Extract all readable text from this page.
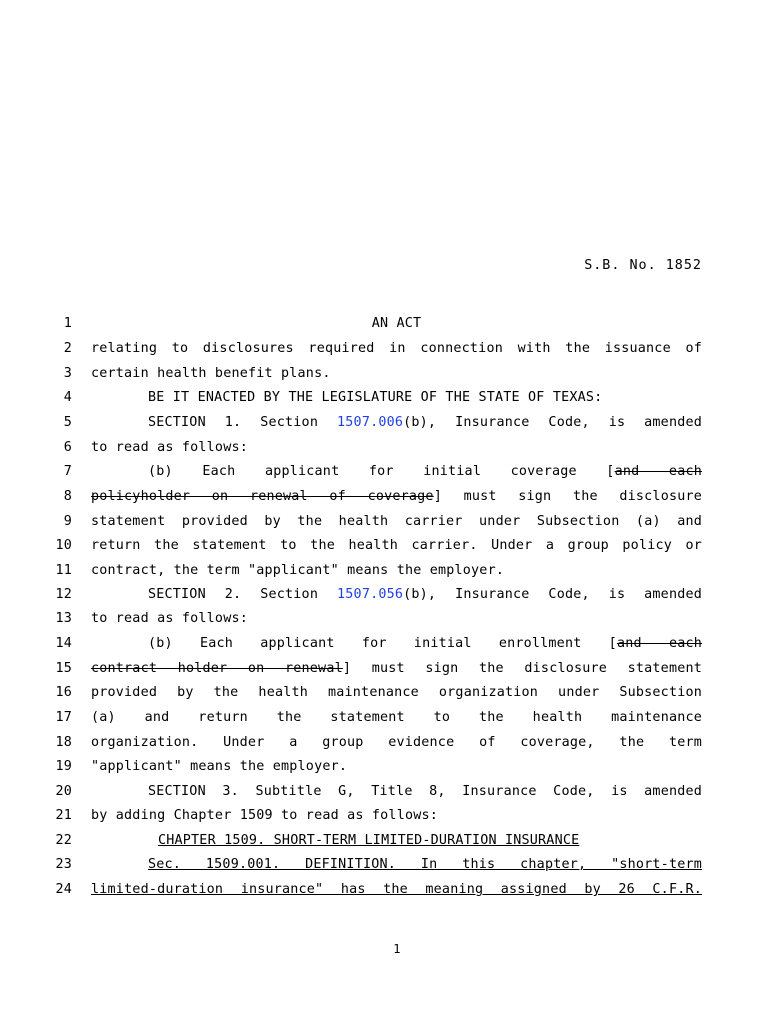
S.B. No. 1852
1	AN ACT
2 relating to disclosures required in connection with the issuance of
3 certain health benefit plans.
4	BE IT ENACTED BY THE LEGISLATURE OF THE STATE OF TEXAS:
5	SECTION 1. Section 1507.006(b), Insurance Code, is amended
6 to read as follows:
7	(b) Each applicant for initial coverage [and each
8 policyholder on renewal of coverage] must sign the disclosure
9 statement provided by the health carrier under Subsection (a) and
10 return the statement to the health carrier. Under a group policy or
11 contract, the term "applicant" means the employer.
12	SECTION 2. Section 1507.056(b), Insurance Code, is amended
13 to read as follows:
14	(b) Each applicant for initial enrollment [and each
15 contract holder on renewal] must sign the disclosure statement
16 provided by the health maintenance organization under Subsection
17 (a) and return the statement to the health maintenance
18 organization. Under a group evidence of coverage, the term
19 "applicant" means the employer.
20	SECTION 3. Subtitle G, Title 8, Insurance Code, is amended
21 by adding Chapter 1509 to read as follows:
22	CHAPTER 1509. SHORT-TERM LIMITED-DURATION INSURANCE
23	Sec. 1509.001. DEFINITION. In this chapter, "short-term
24 limited-duration insurance" has the meaning assigned by 26 C.F.R.
1
